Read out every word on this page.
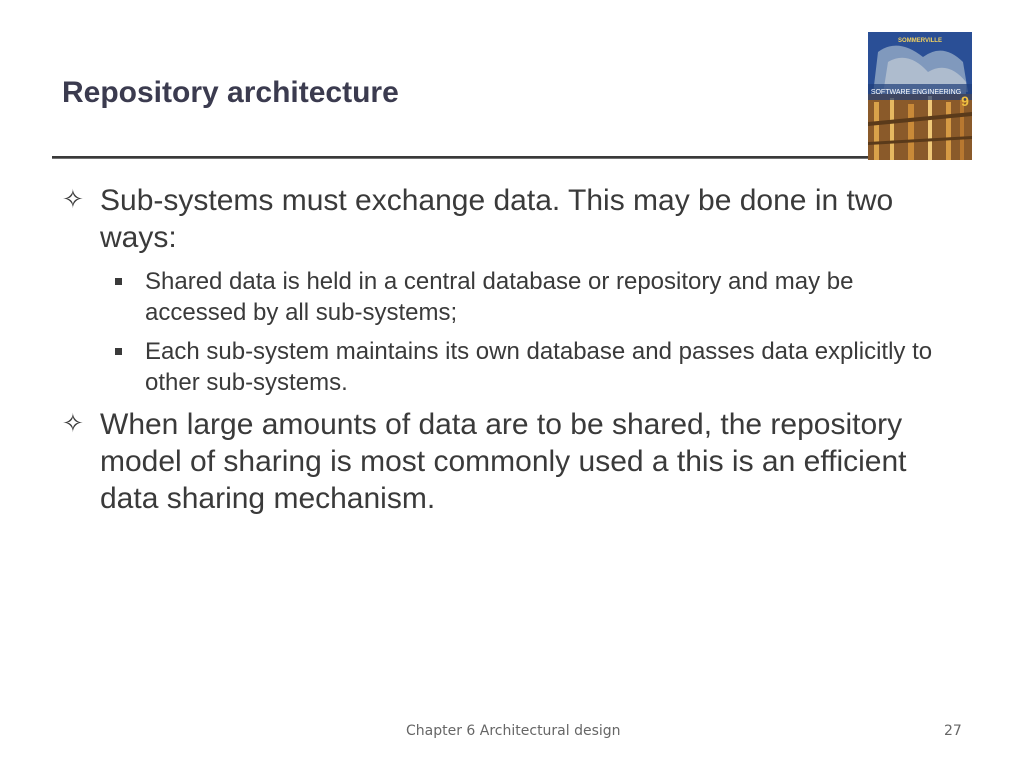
Repository architecture
SOMMERVILLE
SOFTWARE ENGINEERING
9
✧ Sub-systems must exchange data. This may be done in two ways:
Shared data is held in a central database or repository and may be accessed by all sub-systems;
Each sub-system maintains its own database and passes data explicitly to other sub-systems.
✧ When large amounts of data are to be shared, the repository model of sharing is most commonly used a this is an efficient data sharing mechanism.
Chapter 6 Architectural design	27
